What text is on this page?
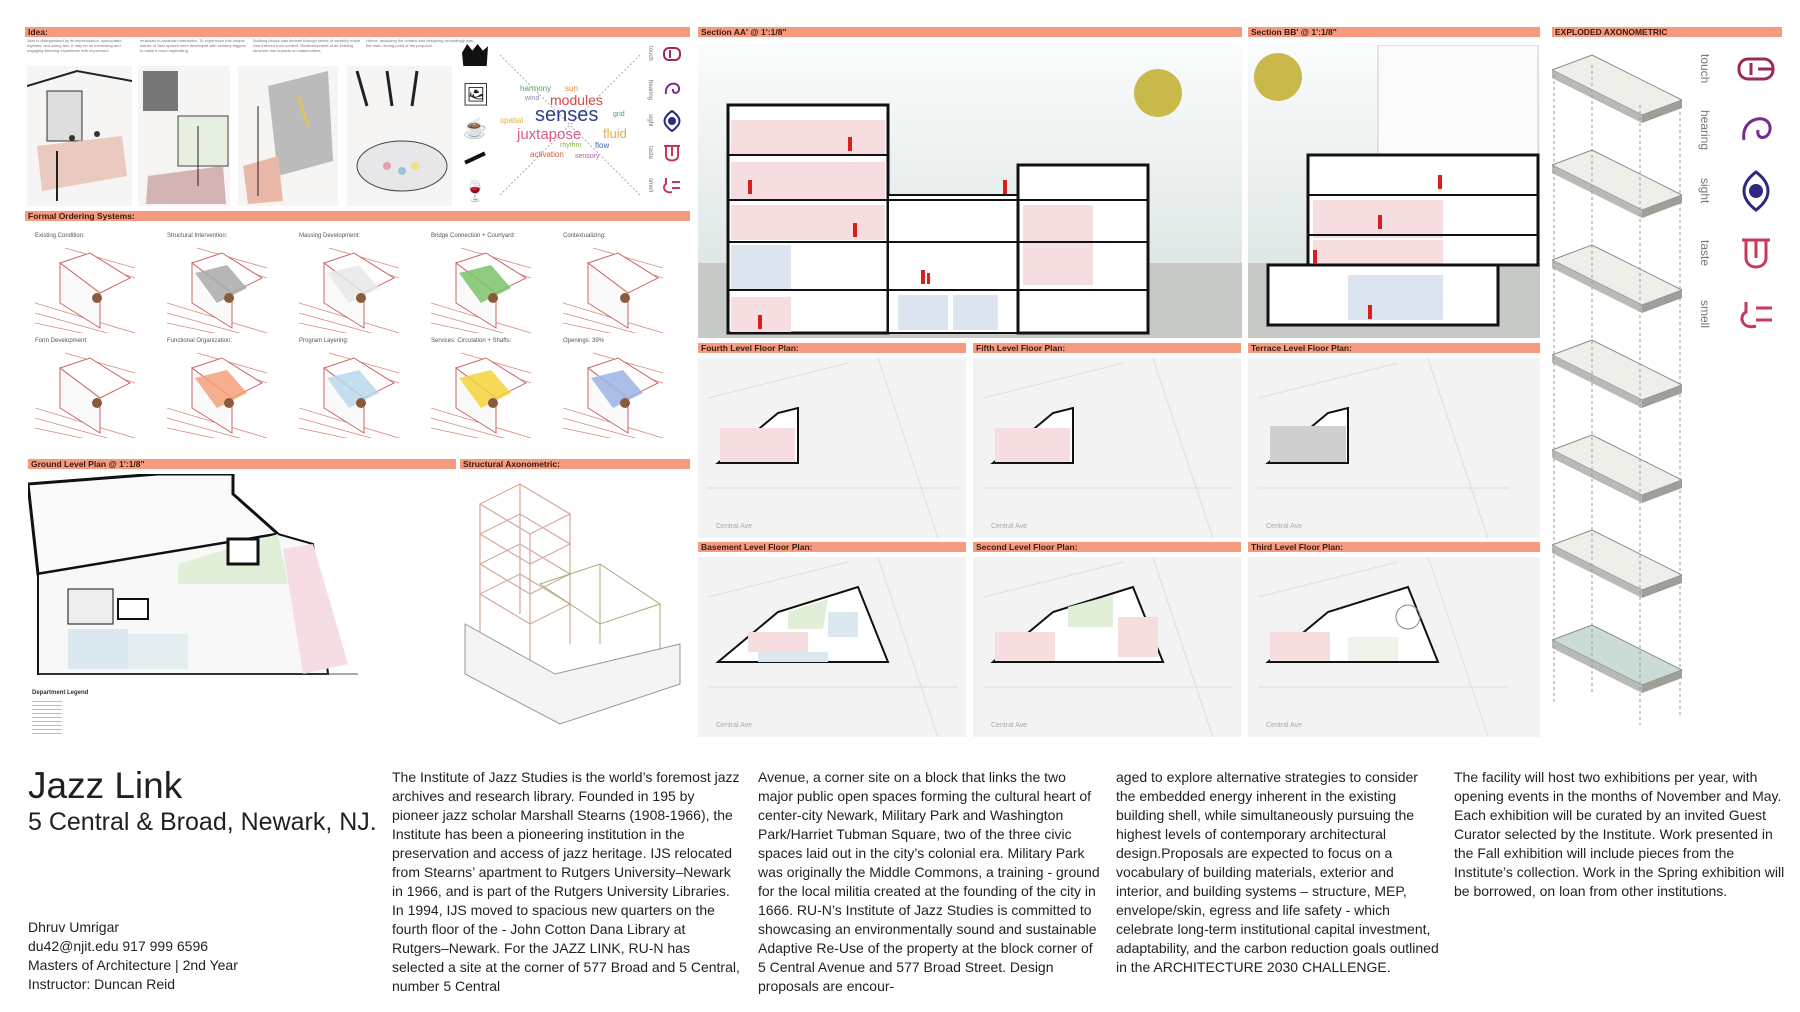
Idea:
Jazz is distinguished by its improvisation, syncopated rhythms, and swing feel. It may be an interesting and engaging listening experience with improvised
musician-to-musician interaction. To experience this unique nature of Jazz spaces were developed with sensory triggers to make it more captivating.
Building blocks was derived through series of carefully made cuts inferred from context. Redevelopment of an existing structure has impacts on stakeholders.
Hence, analyzing the context and designing accordingly was the main driving point of the proposal.
🖼
☕
🍷
harmony sun
wind modules
senses grid
spatial
juxtapose fluid
rhythm flow
activation sensory
touch
hearing
sight
taste
smell
Formal Ordering Systems:
Ground Level Plan @ 1':1/8"
Department Legend
Structural Axonometric:
Section AA' @ 1':1/8"	Section BB' @ 1':1/8"
Fourth Level Floor Plan:
Central Ave
Fifth Level Floor Plan:
Central Ave
Terrace Level Floor Plan:
Central Ave
Basement Level Floor Plan:
Central Ave
Second Level Floor Plan:
Central Ave
Third Level Floor Plan:
Central Ave
EXPLODED AXONOMETRIC
touch
hearing
sight
taste
smell
Jazz Link
5 Central & Broad, Newark, NJ.
Dhruv Umrigar
du42@njit.edu 917 999 6596
Masters of Architecture | 2nd Year
Instructor: Duncan Reid
The Institute of Jazz Studies is the world’s foremost jazz archives and research library. Founded in 195 by pioneer jazz scholar Marshall Stearns (1908-1966), the Institute has been a pioneering institution in the preservation and access of jazz heritage. IJS relocated from Stearns’ apartment to Rutgers University–Newark in 1966, and is part of the Rutgers University Libraries. In 1994, IJS moved to spacious new quarters on the fourth floor of the - John Cotton Dana Library at Rutgers–Newark. For the JAZZ LINK, RU-N has selected a site at the corner of 577 Broad and 5 Central, number 5 Central
Avenue, a corner site on a block that links the two major public open spaces forming the cultural heart of center-city Newark, Military Park and Washington Park/Harriet Tubman Square, two of the three civic spaces laid out in the city’s colonial era. Military Park was originally the Middle Commons, a training - ground for the local militia created at the founding of the city in 1666. RU-N’s Institute of Jazz Studies is committed to showcasing an environmentally sound and sustainable Adaptive Re-Use of the property at the block corner of 5 Central Avenue and 577 Broad Street. Design proposals are encour-
aged to explore alternative strategies to consider the embedded energy inherent in the existing building shell, while simultaneously pursuing the highest levels of contemporary architectural design.Proposals are expected to focus on a vocabulary of building materials, exterior and interior, and building systems – structure, MEP, envelope/skin, egress and life safety - which celebrate long-term institutional capital investment, adaptability, and the carbon reduction goals outlined in the ARCHITECTURE 2030 CHALLENGE.
The facility will host two exhibitions per year, with opening events in the months of November and May. Each exhibition will be curated by an invited Guest Curator selected by the Institute. Work presented in the Fall exhibition will include pieces from the Institute’s collection. Work in the Spring exhibition will be borrowed, on loan from other institutions.
Existing Condition:	Structural Intervention:	Massing Development:	Bridge Connection + Courtyard:	Contextualizing:
Form Development:	Functional Organization:	Program Layering:	Services: Circulation + Shafts:	Openings: 39%
